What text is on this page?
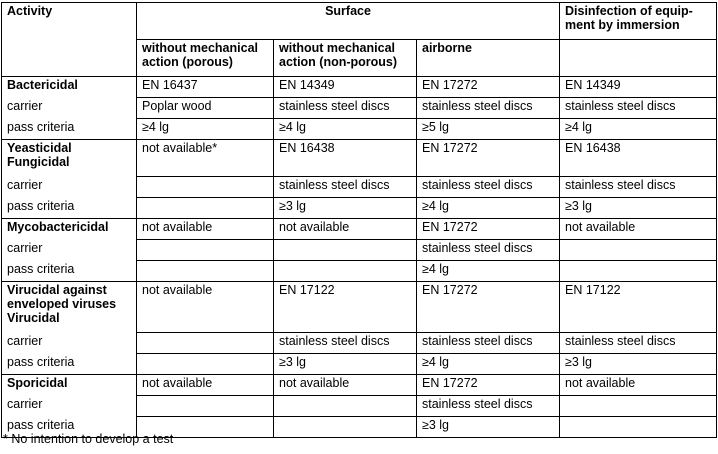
Activity	Surface			Disinfection of equip-ment by immersion
	without mechanical action (porous)	without mechanical action (non-porous)	airborne	
Bactericidal	EN 16437	EN 14349	EN 17272	EN 14349
carrier	Poplar wood	stainless steel discs	stainless steel discs	stainless steel discs
pass criteria	≥4 lg	≥4 lg	≥5 lg	≥4 lg
Yeasticidal Fungicidal	not available*	EN 16438	EN 17272	EN 16438
carrier		stainless steel discs	stainless steel discs	stainless steel discs
pass criteria		≥3 lg	≥4 lg	≥3 lg
Mycobactericidal	not available	not available	EN 17272	not available
carrier			stainless steel discs	
pass criteria			≥4 lg	
Virucidal against enveloped viruses Virucidal	not available	EN 17122	EN 17272	EN 17122
carrier		stainless steel discs	stainless steel discs	stainless steel discs
pass criteria		≥3 lg	≥4 lg	≥3 lg
Sporicidal	not available	not available	EN 17272	not available
carrier			stainless steel discs	
pass criteria			≥3 lg	
* No intention to develop a test
